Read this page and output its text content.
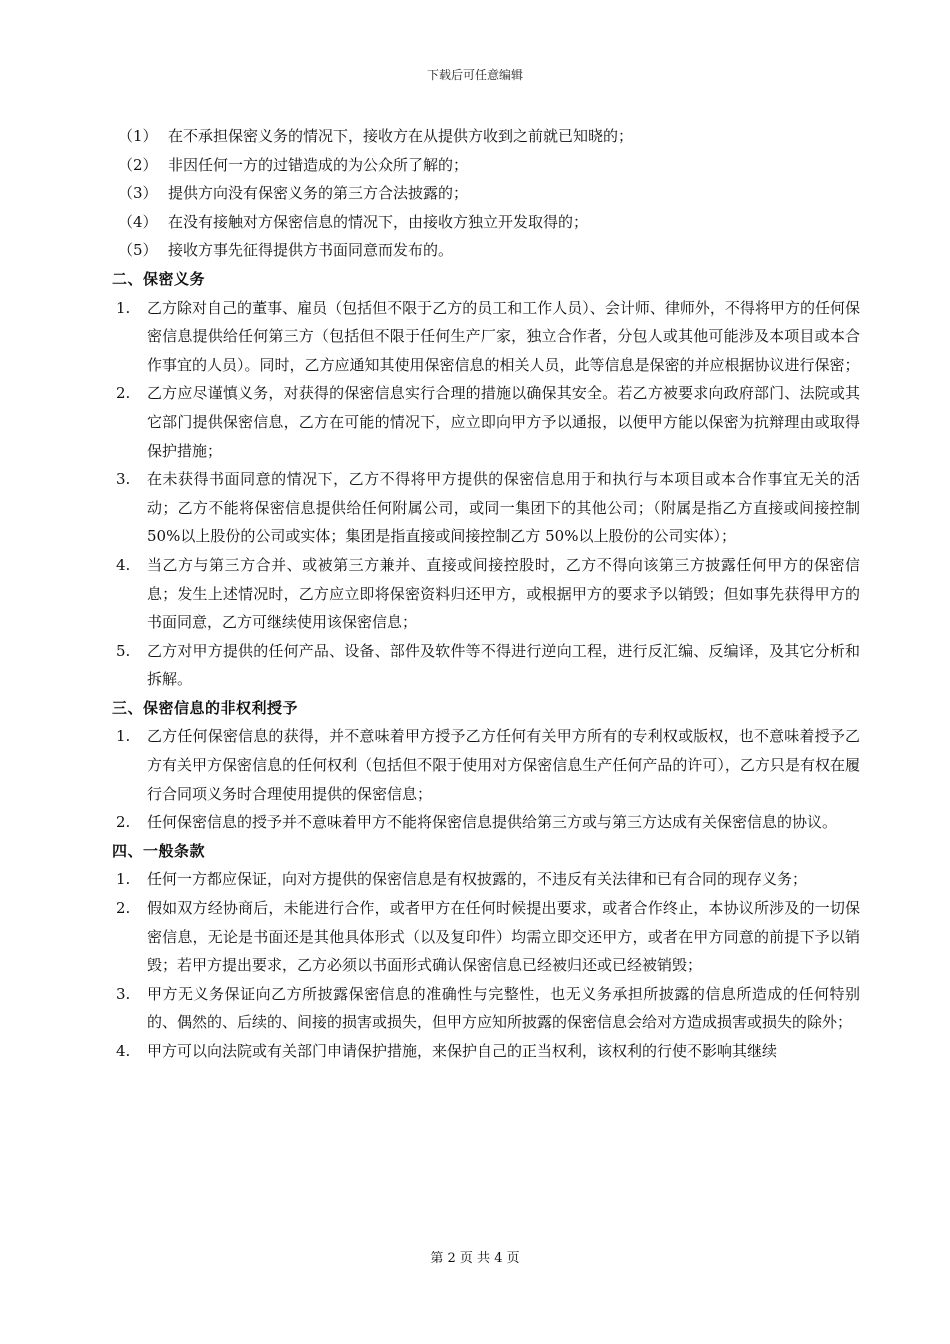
下载后可任意编辑
（1） 在不承担保密义务的情况下，接收方在从提供方收到之前就已知晓的；
（2） 非因任何一方的过错造成的为公众所了解的；
（3） 提供方向没有保密义务的第三方合法披露的；
（4） 在没有接触对方保密信息的情况下，由接收方独立开发取得的；
（5） 接收方事先征得提供方书面同意而发布的。
二、保密义务
1. 乙方除对自己的董事、雇员（包括但不限于乙方的员工和工作人员）、会计师、律师外，不得将甲方的任何保密信息提供给任何第三方（包括但不限于任何生产厂家，独立合作者，分包人或其他可能涉及本项目或本合作事宜的人员）。同时，乙方应通知其使用保密信息的相关人员，此等信息是保密的并应根据协议进行保密；
2. 乙方应尽谨慎义务，对获得的保密信息实行合理的措施以确保其安全。若乙方被要求向政府部门、法院或其它部门提供保密信息，乙方在可能的情况下，应立即向甲方予以通报，以便甲方能以保密为抗辩理由或取得保护措施；
3. 在未获得书面同意的情况下，乙方不得将甲方提供的保密信息用于和执行与本项目或本合作事宜无关的活动；乙方不能将保密信息提供给任何附属公司，或同一集团下的其他公司；（附属是指乙方直接或间接控制 50%以上股份的公司或实体；集团是指直接或间接控制乙方 50%以上股份的公司实体）；
4. 当乙方与第三方合并、或被第三方兼并、直接或间接控股时，乙方不得向该第三方披露任何甲方的保密信息；发生上述情况时，乙方应立即将保密资料归还甲方，或根据甲方的要求予以销毁；但如事先获得甲方的书面同意，乙方可继续使用该保密信息；
5. 乙方对甲方提供的任何产品、设备、部件及软件等不得进行逆向工程，进行反汇编、反编译，及其它分析和拆解。
三、保密信息的非权利授予
1. 乙方任何保密信息的获得，并不意味着甲方授予乙方任何有关甲方所有的专利权或版权，也不意味着授予乙方有关甲方保密信息的任何权利（包括但不限于使用对方保密信息生产任何产品的许可），乙方只是有权在履行合同项义务时合理使用提供的保密信息；
2. 任何保密信息的授予并不意味着甲方不能将保密信息提供给第三方或与第三方达成有关保密信息的协议。
四、一般条款
1. 任何一方都应保证，向对方提供的保密信息是有权披露的，不违反有关法律和已有合同的现存义务；
2. 假如双方经协商后，未能进行合作，或者甲方在任何时候提出要求，或者合作终止，本协议所涉及的一切保密信息，无论是书面还是其他具体形式（以及复印件）均需立即交还甲方，或者在甲方同意的前提下予以销毁；若甲方提出要求，乙方必须以书面形式确认保密信息已经被归还或已经被销毁；
3. 甲方无义务保证向乙方所披露保密信息的准确性与完整性，也无义务承担所披露的信息所造成的任何特别的、偶然的、后续的、间接的损害或损失，但甲方应知所披露的保密信息会给对方造成损害或损失的除外；
4. 甲方可以向法院或有关部门申请保护措施，来保护自己的正当权利，该权利的行使不影响其继续
第 2 页 共 4 页
